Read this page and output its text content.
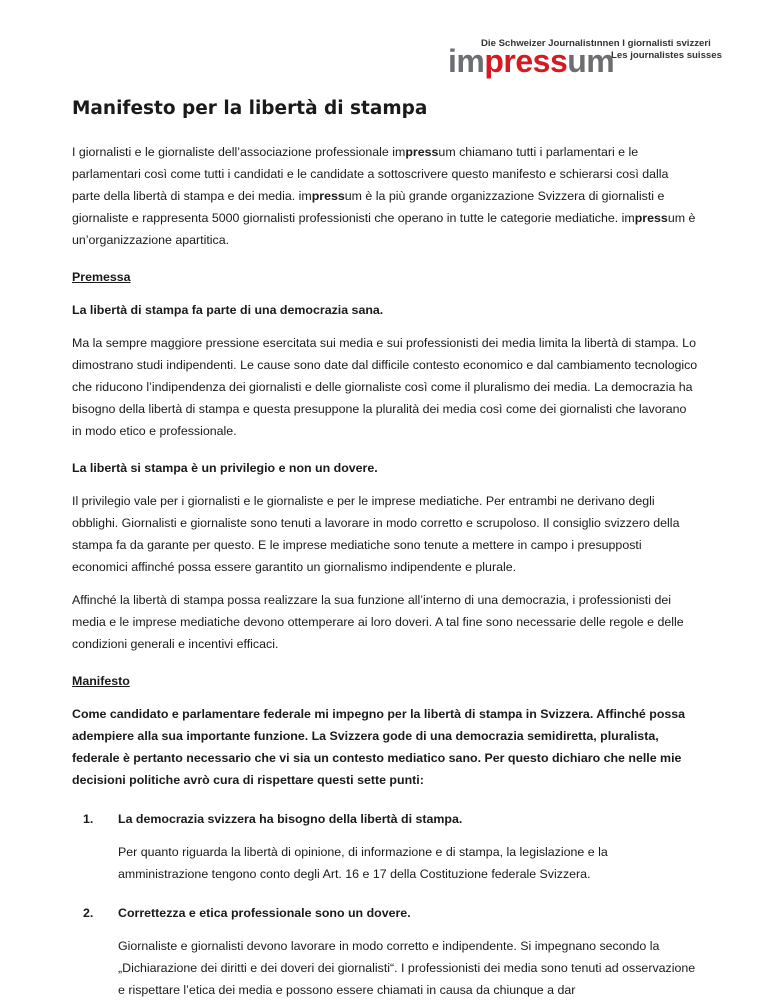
Die Schweizer Journalistınnen I giornalisti svizzeri
Les journalistes suisses
impressum
Manifesto per la libertà di stampa

I giornalisti e le giornaliste dell’associazione professionale impressum chiamano tutti i parlamentari e le parlamentari così come tutti i candidati e le candidate a sottoscrivere questo manifesto e schierarsi così dalla parte della libertà di stampa e dei media. impressum è la più grande organizzazione Svizzera di giornalisti e giornaliste e rappresenta 5000 giornalisti professionisti che operano in tutte le categorie mediatiche. impressum è un’organizzazione apartitica.

Premessa

La libertà di stampa fa parte di una democrazia sana.

Ma la sempre maggiore pressione esercitata sui media e sui professionisti dei media limita la libertà di stampa. Lo dimostrano studi indipendenti. Le cause sono date dal difficile contesto economico e dal cambiamento tecnologico che riducono l’indipendenza dei giornalisti e delle giornaliste così come il pluralismo dei media. La democrazia ha bisogno della libertà di stampa e questa presuppone la pluralità dei media così come dei giornalisti che lavorano in modo etico e professionale.

La libertà si stampa è un privilegio e non un dovere.

Il privilegio vale per i giornalisti e le giornaliste e per le imprese mediatiche. Per entrambi ne derivano degli obblighi. Giornalisti e giornaliste sono tenuti a lavorare in modo corretto e scrupoloso. Il consiglio svizzero della stampa fa da garante per questo. E le imprese mediatiche sono tenute a mettere in campo i presupposti economici affinché possa essere garantito un giornalismo indipendente e plurale.

Affinché la libertà di stampa possa realizzare la sua funzione all’interno di una democrazia, i professionisti dei media e le imprese mediatiche devono ottemperare ai loro doveri. A tal fine sono necessarie delle regole e delle condizioni generali e incentivi efficaci.

Manifesto

Come candidato e parlamentare federale mi impegno per la libertà di stampa in Svizzera. Affinché possa adempiere alla sua importante funzione. La Svizzera gode di una democrazia semidiretta, pluralista, federale è pertanto necessario che vi sia un contesto mediatico sano. Per questo dichiaro che nelle mie decisioni politiche avrò cura di rispettare questi sette punti:

1. La democrazia svizzera ha bisogno della libertà di stampa.

Per quanto riguarda la libertà di opinione, di informazione e di stampa, la legislazione e la amministrazione tengono conto degli Art. 16 e 17 della Costituzione federale Svizzera.

2. Correttezza e etica professionale sono un dovere.

Giornaliste e giornalisti devono lavorare in modo corretto e indipendente. Si impegnano secondo la „Dichiarazione dei diritti e dei doveri dei giornalisti“. I professionisti dei media sono tenuti ad osservazione e rispettare l’etica dei media e possono essere chiamati in causa da chiunque a dar
